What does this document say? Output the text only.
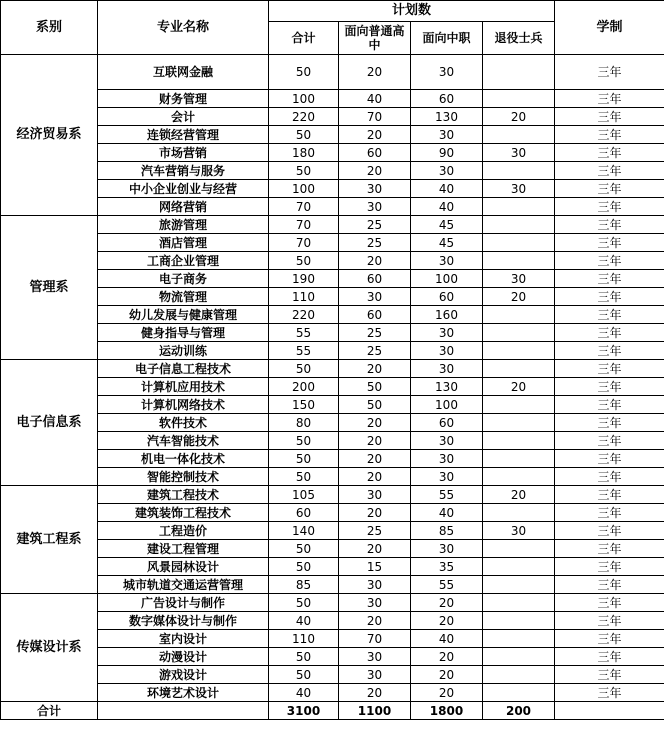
系别	专业名称	计划数				学制
		合计	面向普通高中	面向中职	退役士兵	
经济贸易系	互联网金融	50	20	30		三年
	财务管理	100	40	60		三年
	会计	220	70	130	20	三年
	连锁经营管理	50	20	30		三年
	市场营销	180	60	90	30	三年
	汽车营销与服务	50	20	30		三年
	中小企业创业与经营	100	30	40	30	三年
	网络营销	70	30	40		三年
管理系	旅游管理	70	25	45		三年
	酒店管理	70	25	45		三年
	工商企业管理	50	20	30		三年
	电子商务	190	60	100	30	三年
	物流管理	110	30	60	20	三年
	幼儿发展与健康管理	220	60	160		三年
	健身指导与管理	55	25	30		三年
	运动训练	55	25	30		三年
电子信息系	电子信息工程技术	50	20	30		三年
	计算机应用技术	200	50	130	20	三年
	计算机网络技术	150	50	100		三年
	软件技术	80	20	60		三年
	汽车智能技术	50	20	30		三年
	机电一体化技术	50	20	30		三年
	智能控制技术	50	20	30		三年
建筑工程系	建筑工程技术	105	30	55	20	三年
	建筑装饰工程技术	60	20	40		三年
	工程造价	140	25	85	30	三年
	建设工程管理	50	20	30		三年
	风景园林设计	50	15	35		三年
	城市轨道交通运营管理	85	30	55		三年
传媒设计系	广告设计与制作	50	30	20		三年
	数字媒体设计与制作	40	20	20		三年
	室内设计	110	70	40		三年
	动漫设计	50	30	20		三年
	游戏设计	50	30	20		三年
	环境艺术设计	40	20	20		三年
合计		3100	1100	1800	200	
